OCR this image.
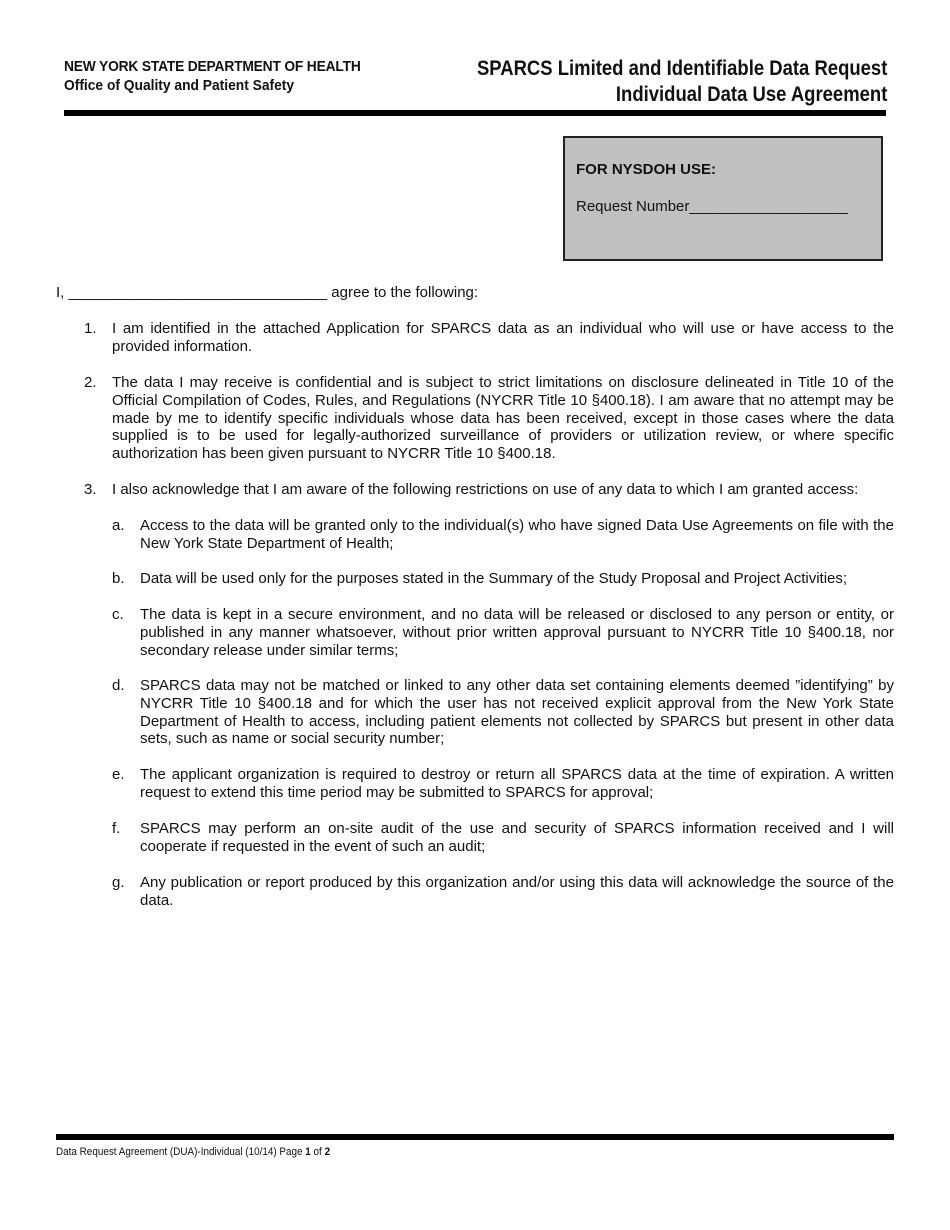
NEW YORK STATE DEPARTMENT OF HEALTH
Office of Quality and Patient Safety
SPARCS Limited and Identifiable Data Request
Individual Data Use Agreement
FOR NYSDOH USE:
Request Number___________________
I, _______________________________ agree to the following:
1. I am identified in the attached Application for SPARCS data as an individual who will use or have access to the provided information.
2. The data I may receive is confidential and is subject to strict limitations on disclosure delineated in Title 10 of the Official Compilation of Codes, Rules, and Regulations (NYCRR Title 10 §400.18). I am aware that no attempt may be made by me to identify specific individuals whose data has been received, except in those cases where the data supplied is to be used for legally-authorized surveillance of providers or utilization review, or where specific authorization has been given pursuant to NYCRR Title 10 §400.18.
3. I also acknowledge that I am aware of the following restrictions on use of any data to which I am granted access:
a. Access to the data will be granted only to the individual(s) who have signed Data Use Agreements on file with the New York State Department of Health;
b. Data will be used only for the purposes stated in the Summary of the Study Proposal and Project Activities;
c. The data is kept in a secure environment, and no data will be released or disclosed to any person or entity, or published in any manner whatsoever, without prior written approval pursuant to NYCRR Title 10 §400.18, nor secondary release under similar terms;
d. SPARCS data may not be matched or linked to any other data set containing elements deemed ”identifying” by NYCRR Title 10 §400.18 and for which the user has not received explicit approval from the New York State Department of Health to access, including patient elements not collected by SPARCS but present in other data sets, such as name or social security number;
e. The applicant organization is required to destroy or return all SPARCS data at the time of expiration. A written request to extend this time period may be submitted to SPARCS for approval;
f. SPARCS may perform an on-site audit of the use and security of SPARCS information received and I will cooperate if requested in the event of such an audit;
g. Any publication or report produced by this organization and/or using this data will acknowledge the source of the data.
Data Request Agreement (DUA)-Individual (10/14) Page 1 of 2
